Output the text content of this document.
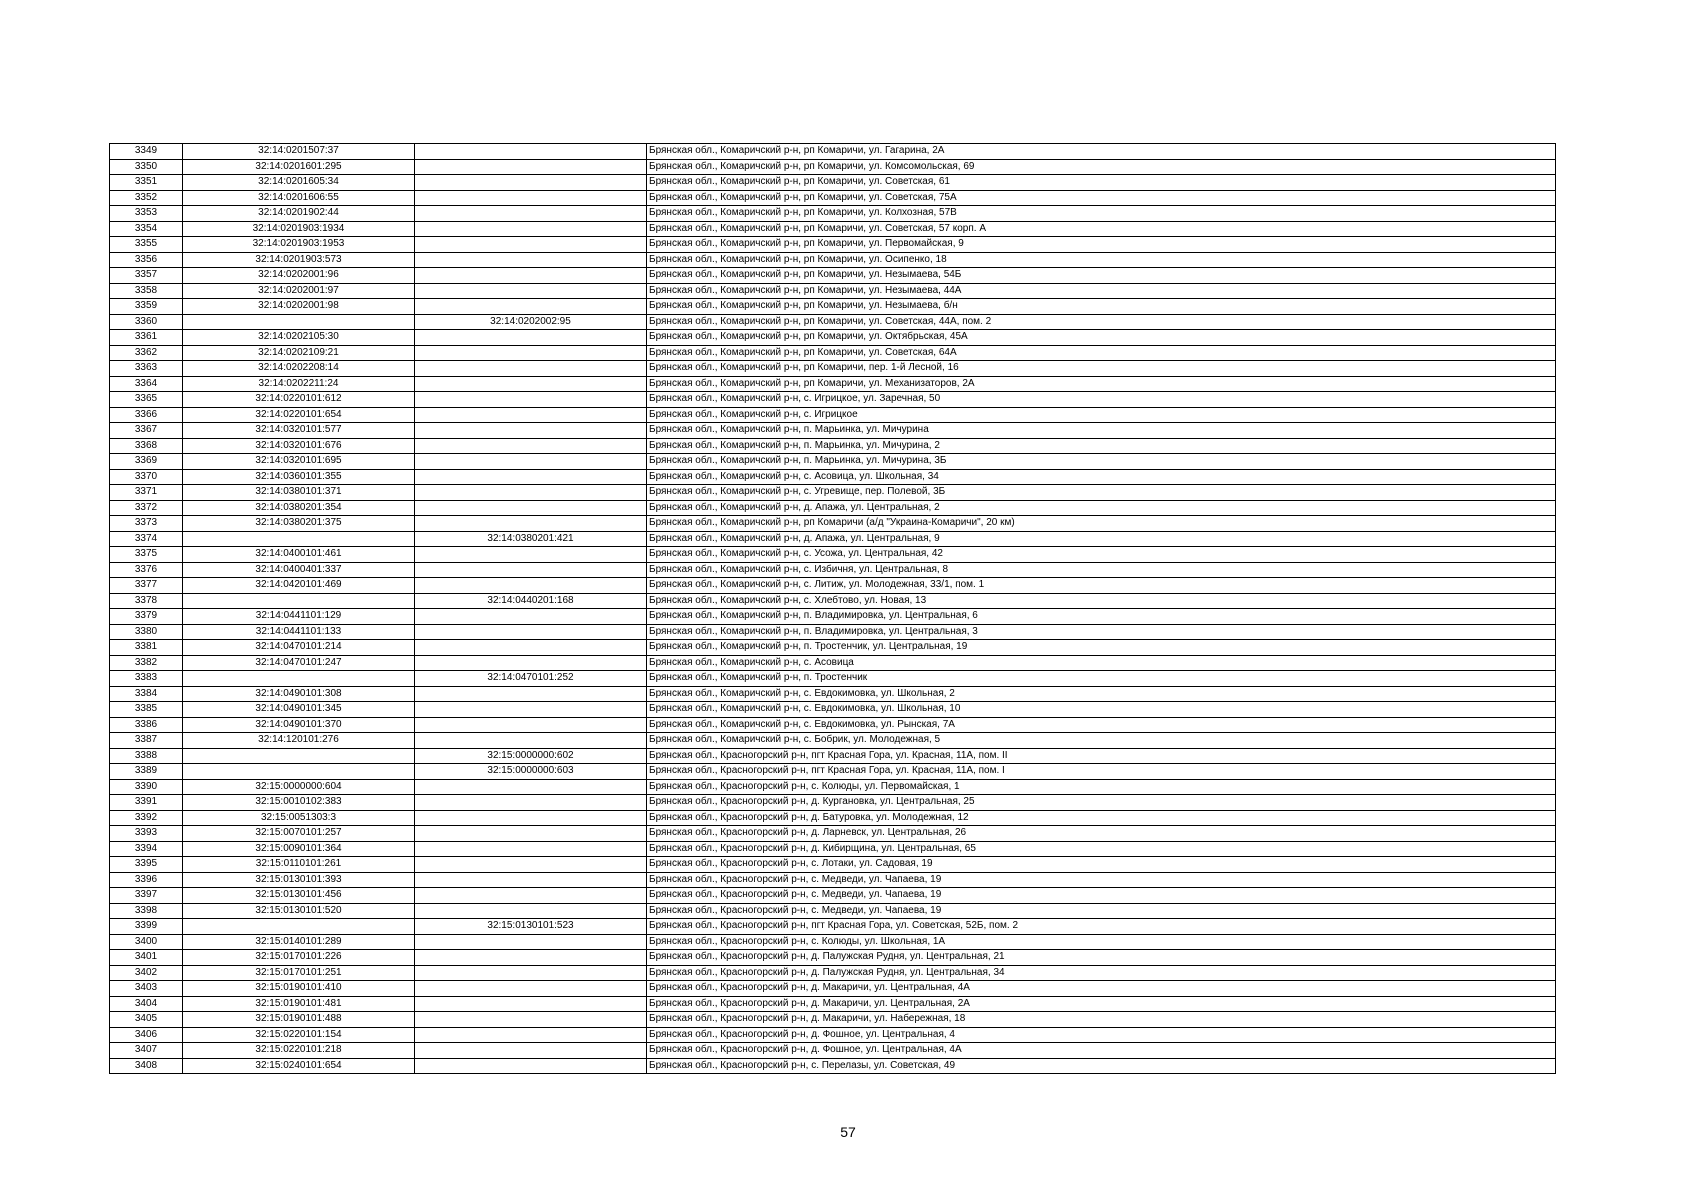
3349	32:14:0201507:37		Брянская обл., Комаричский р-н, рп Комаричи, ул. Гагарина, 2А
3350	32:14:0201601:295		Брянская обл., Комаричский р-н, рп Комаричи, ул. Комсомольская, 69
3351	32:14:0201605:34		Брянская обл., Комаричский р-н, рп Комаричи, ул. Советская, 61
3352	32:14:0201606:55		Брянская обл., Комаричский р-н, рп Комаричи, ул. Советская, 75А
3353	32:14:0201902:44		Брянская обл., Комаричский р-н, рп Комаричи, ул. Колхозная, 57В
3354	32:14:0201903:1934		Брянская обл., Комаричский р-н, рп Комаричи, ул. Советская, 57 корп. А
3355	32:14:0201903:1953		Брянская обл., Комаричский р-н, рп Комаричи, ул. Первомайская, 9
3356	32:14:0201903:573		Брянская обл., Комаричский р-н, рп Комаричи, ул. Осипенко, 18
3357	32:14:0202001:96		Брянская обл., Комаричский р-н, рп Комаричи, ул. Незымаева, 54Б
3358	32:14:0202001:97		Брянская обл., Комаричский р-н, рп Комаричи, ул. Незымаева, 44А
3359	32:14:0202001:98		Брянская обл., Комаричский р-н, рп Комаричи, ул. Незымаева, б/н
3360		32:14:0202002:95	Брянская обл., Комаричский р-н, рп Комаричи, ул. Советская, 44А, пом. 2
3361	32:14:0202105:30		Брянская обл., Комаричский р-н, рп Комаричи, ул. Октябрьская, 45А
3362	32:14:0202109:21		Брянская обл., Комаричский р-н, рп Комаричи, ул. Советская, 64А
3363	32:14:0202208:14		Брянская обл., Комаричский р-н, рп Комаричи, пер. 1-й Лесной, 16
3364	32:14:0202211:24		Брянская обл., Комаричский р-н, рп Комаричи, ул. Механизаторов, 2А
3365	32:14:0220101:612		Брянская обл., Комаричский р-н, с. Игрицкое, ул. Заречная, 50
3366	32:14:0220101:654		Брянская обл., Комаричский р-н, с. Игрицкое
3367	32:14:0320101:577		Брянская обл., Комаричский р-н, п. Марьинка, ул. Мичурина
3368	32:14:0320101:676		Брянская обл., Комаричский р-н, п. Марьинка, ул. Мичурина, 2
3369	32:14:0320101:695		Брянская обл., Комаричский р-н, п. Марьинка, ул. Мичурина, 3Б
3370	32:14:0360101:355		Брянская обл., Комаричский р-н, с. Асовица, ул. Школьная, 34
3371	32:14:0380101:371		Брянская обл., Комаричский р-н, с. Угревище, пер. Полевой, 3Б
3372	32:14:0380201:354		Брянская обл., Комаричский р-н, д. Апажа, ул. Центральная, 2
3373	32:14:0380201:375		Брянская обл., Комаричский р-н, рп Комаричи (а/д "Украина-Комаричи", 20 км)
3374		32:14:0380201:421	Брянская обл., Комаричский р-н, д. Апажа, ул. Центральная, 9
3375	32:14:0400101:461		Брянская обл., Комаричский р-н, с. Усожа, ул. Центральная, 42
3376	32:14:0400401:337		Брянская обл., Комаричский р-н, с. Избичня, ул. Центральная, 8
3377	32:14:0420101:469		Брянская обл., Комаричский р-н, с. Литиж, ул. Молодежная, 33/1, пом. 1
3378		32:14:0440201:168	Брянская обл., Комаричский р-н, с. Хлебтово, ул. Новая, 13
3379	32:14:0441101:129		Брянская обл., Комаричский р-н, п. Владимировка, ул. Центральная, 6
3380	32:14:0441101:133		Брянская обл., Комаричский р-н, п. Владимировка, ул. Центральная, 3
3381	32:14:0470101:214		Брянская обл., Комаричский р-н, п. Тростенчик, ул. Центральная, 19
3382	32:14:0470101:247		Брянская обл., Комаричский р-н, с. Асовица
3383		32:14:0470101:252	Брянская обл., Комаричский р-н, п. Тростенчик
3384	32:14:0490101:308		Брянская обл., Комаричский р-н, с. Евдокимовка, ул. Школьная, 2
3385	32:14:0490101:345		Брянская обл., Комаричский р-н, с. Евдокимовка, ул. Школьная, 10
3386	32:14:0490101:370		Брянская обл., Комаричский р-н, с. Евдокимовка, ул. Рынская, 7А
3387	32:14:120101:276		Брянская обл., Комаричский р-н, с. Бобрик, ул. Молодежная, 5
3388		32:15:0000000:602	Брянская обл., Красногорский р-н, пгт Красная Гора, ул. Красная, 11А, пом. II
3389		32:15:0000000:603	Брянская обл., Красногорский р-н, пгт Красная Гора, ул. Красная, 11А, пом. I
3390	32:15:0000000:604		Брянская обл., Красногорский р-н, с. Колюды, ул. Первомайская, 1
3391	32:15:0010102:383		Брянская обл., Красногорский р-н, д. Кургановка, ул. Центральная, 25
3392	32:15:0051303:3		Брянская обл., Красногорский р-н, д. Батуровка, ул. Молодежная, 12
3393	32:15:0070101:257		Брянская обл., Красногорский р-н, д. Ларневск, ул. Центральная, 26
3394	32:15:0090101:364		Брянская обл., Красногорский р-н, д. Кибирщина, ул. Центральная, 65
3395	32:15:0110101:261		Брянская обл., Красногорский р-н, с. Лотаки, ул. Садовая, 19
3396	32:15:0130101:393		Брянская обл., Красногорский р-н, с. Медведи, ул. Чапаева, 19
3397	32:15:0130101:456		Брянская обл., Красногорский р-н, с. Медведи, ул. Чапаева, 19
3398	32:15:0130101:520		Брянская обл., Красногорский р-н, с. Медведи, ул. Чапаева, 19
3399		32:15:0130101:523	Брянская обл., Красногорский р-н, пгт Красная Гора, ул. Советская, 52Б, пом. 2
3400	32:15:0140101:289		Брянская обл., Красногорский р-н, с. Колюды, ул. Школьная, 1А
3401	32:15:0170101:226		Брянская обл., Красногорский р-н, д. Палужская Рудня, ул. Центральная, 21
3402	32:15:0170101:251		Брянская обл., Красногорский р-н, д. Палужская Рудня, ул. Центральная, 34
3403	32:15:0190101:410		Брянская обл., Красногорский р-н, д. Макаричи, ул. Центральная, 4А
3404	32:15:0190101:481		Брянская обл., Красногорский р-н, д. Макаричи, ул. Центральная, 2А
3405	32:15:0190101:488		Брянская обл., Красногорский р-н, д. Макаричи, ул. Набережная, 18
3406	32:15:0220101:154		Брянская обл., Красногорский р-н, д. Фошное, ул. Центральная, 4
3407	32:15:0220101:218		Брянская обл., Красногорский р-н, д. Фошное, ул. Центральная, 4А
3408	32:15:0240101:654		Брянская обл., Красногорский р-н, с. Перелазы, ул. Советская, 49
57
